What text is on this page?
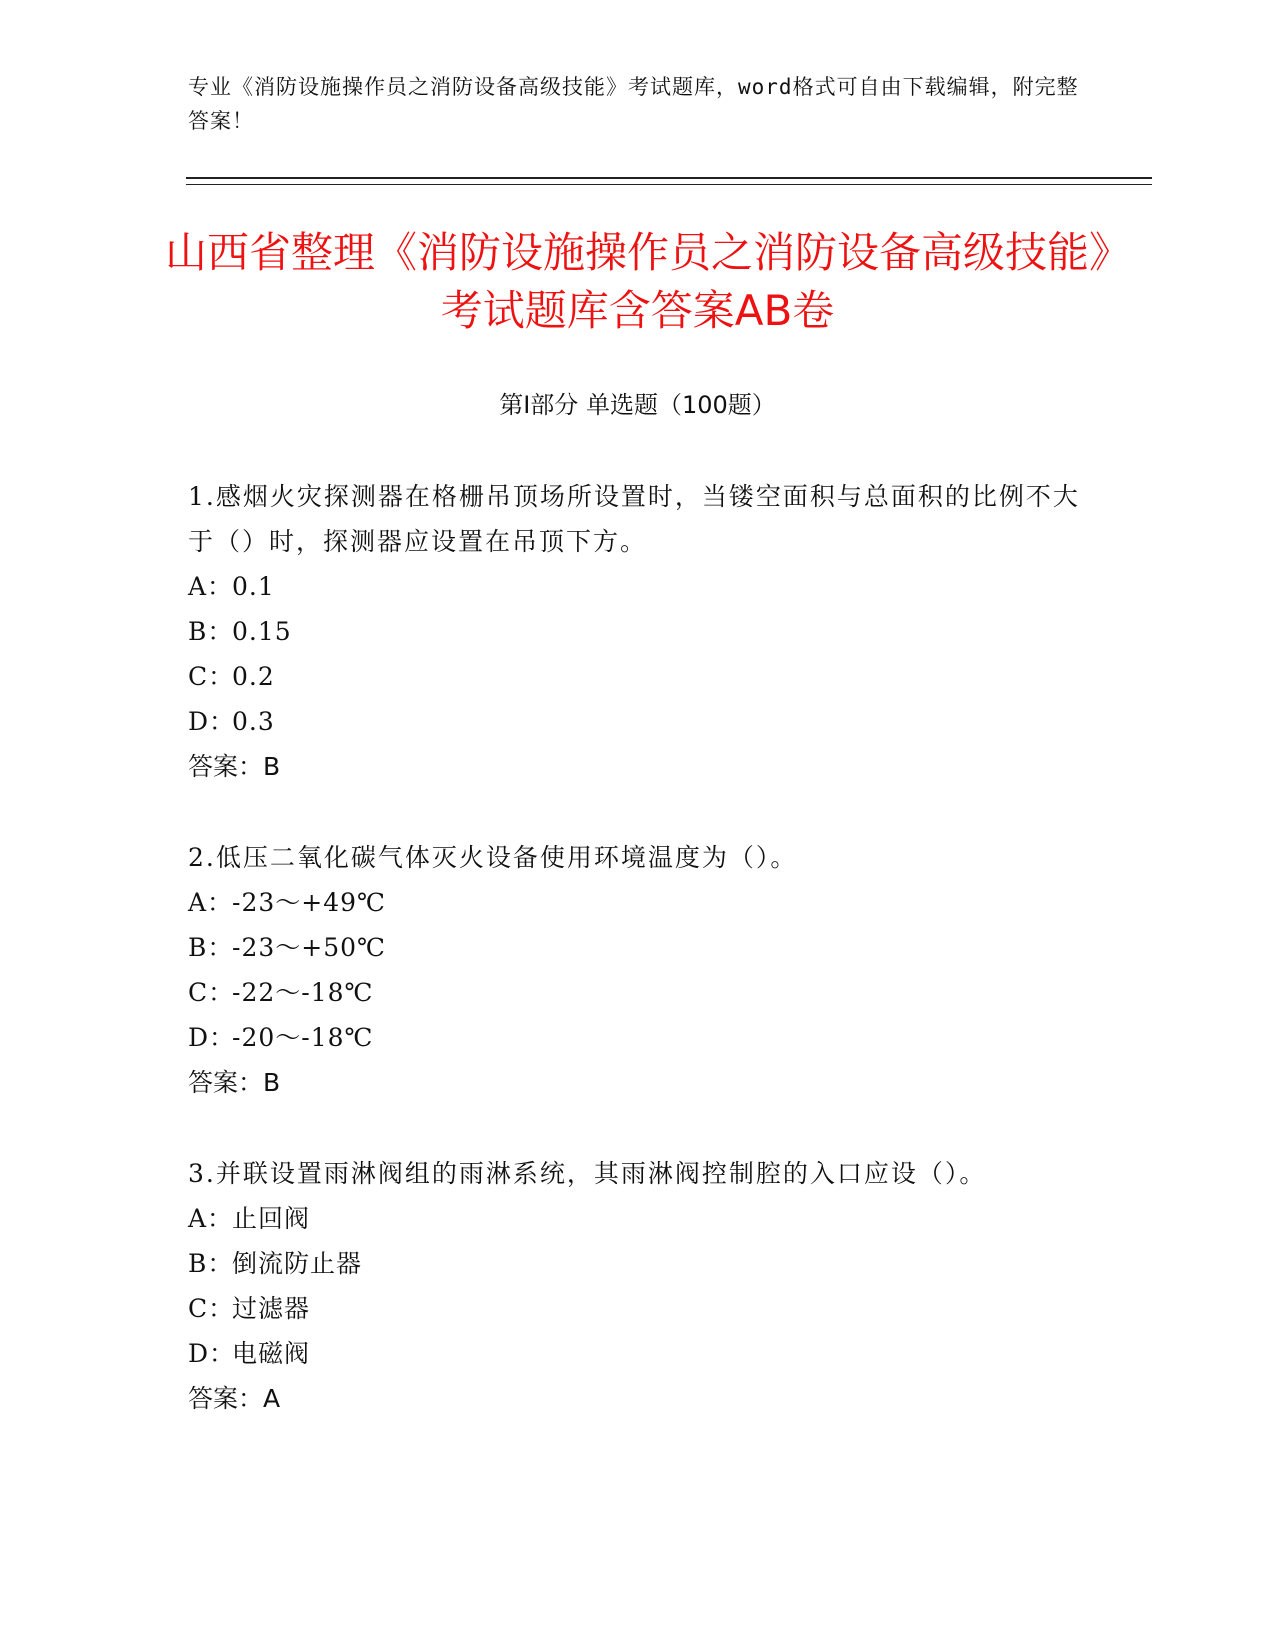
专业《消防设施操作员之消防设备高级技能》考试题库，word格式可自由下载编辑，附完整答案！
山西省整理《消防设施操作员之消防设备高级技能》考试题库含答案AB卷
第I部分 单选题（100题）
1.感烟火灾探测器在格栅吊顶场所设置时，当镂空面积与总面积的比例不大于（）时，探测器应设置在吊顶下方。
A：0.1
B：0.15
C：0.2
D：0.3
答案：B
2.低压二氧化碳气体灭火设备使用环境温度为（）。
A：-23～+49℃
B：-23～+50℃
C：-22～-18℃
D：-20～-18℃
答案：B
3.并联设置雨淋阀组的雨淋系统，其雨淋阀控制腔的入口应设（）。
A：止回阀
B：倒流防止器
C：过滤器
D：电磁阀
答案：A
